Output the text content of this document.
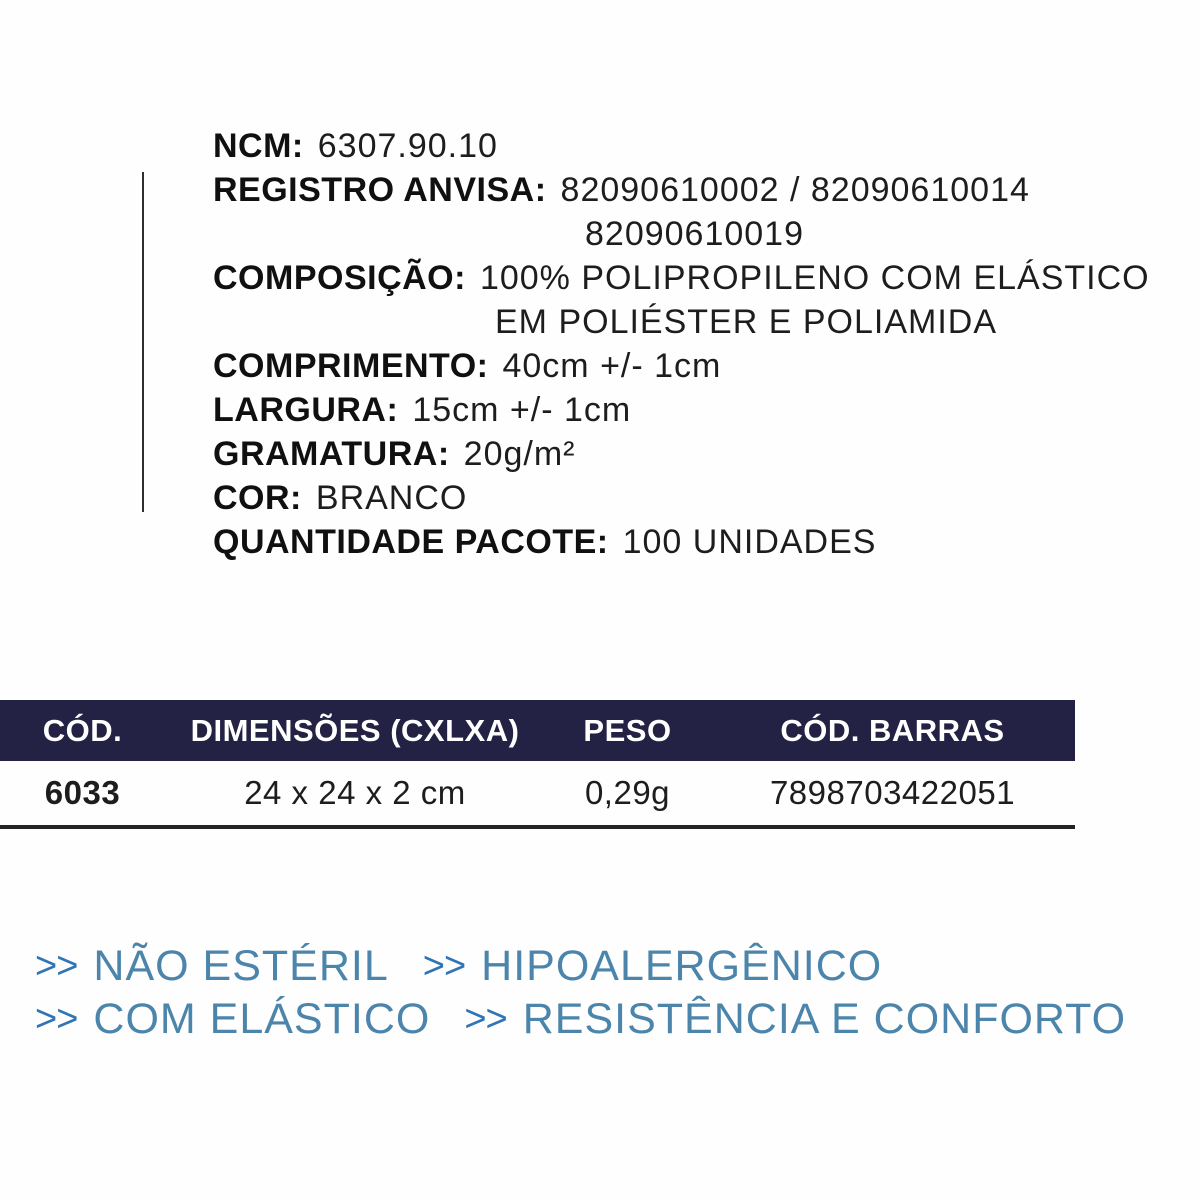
NCM: 6307.90.10
REGISTRO ANVISA: 82090610002 / 82090610014
82090610019
COMPOSIÇÃO: 100% POLIPROPILENO COM ELÁSTICO
EM POLIÉSTER E POLIAMIDA
COMPRIMENTO: 40cm +/- 1cm
LARGURA: 15cm +/- 1cm
GRAMATURA: 20g/m²
COR: BRANCO
QUANTIDADE PACOTE: 100 UNIDADES
CÓD.	DIMENSÕES (CXLXA)	PESO	CÓD. BARRAS
6033	24 x 24 x 2 cm	0,29g	7898703422051
>> NÃO ESTÉRIL >> HIPOALERGÊNICO
>> COM ELÁSTICO >> RESISTÊNCIA E CONFORTO
